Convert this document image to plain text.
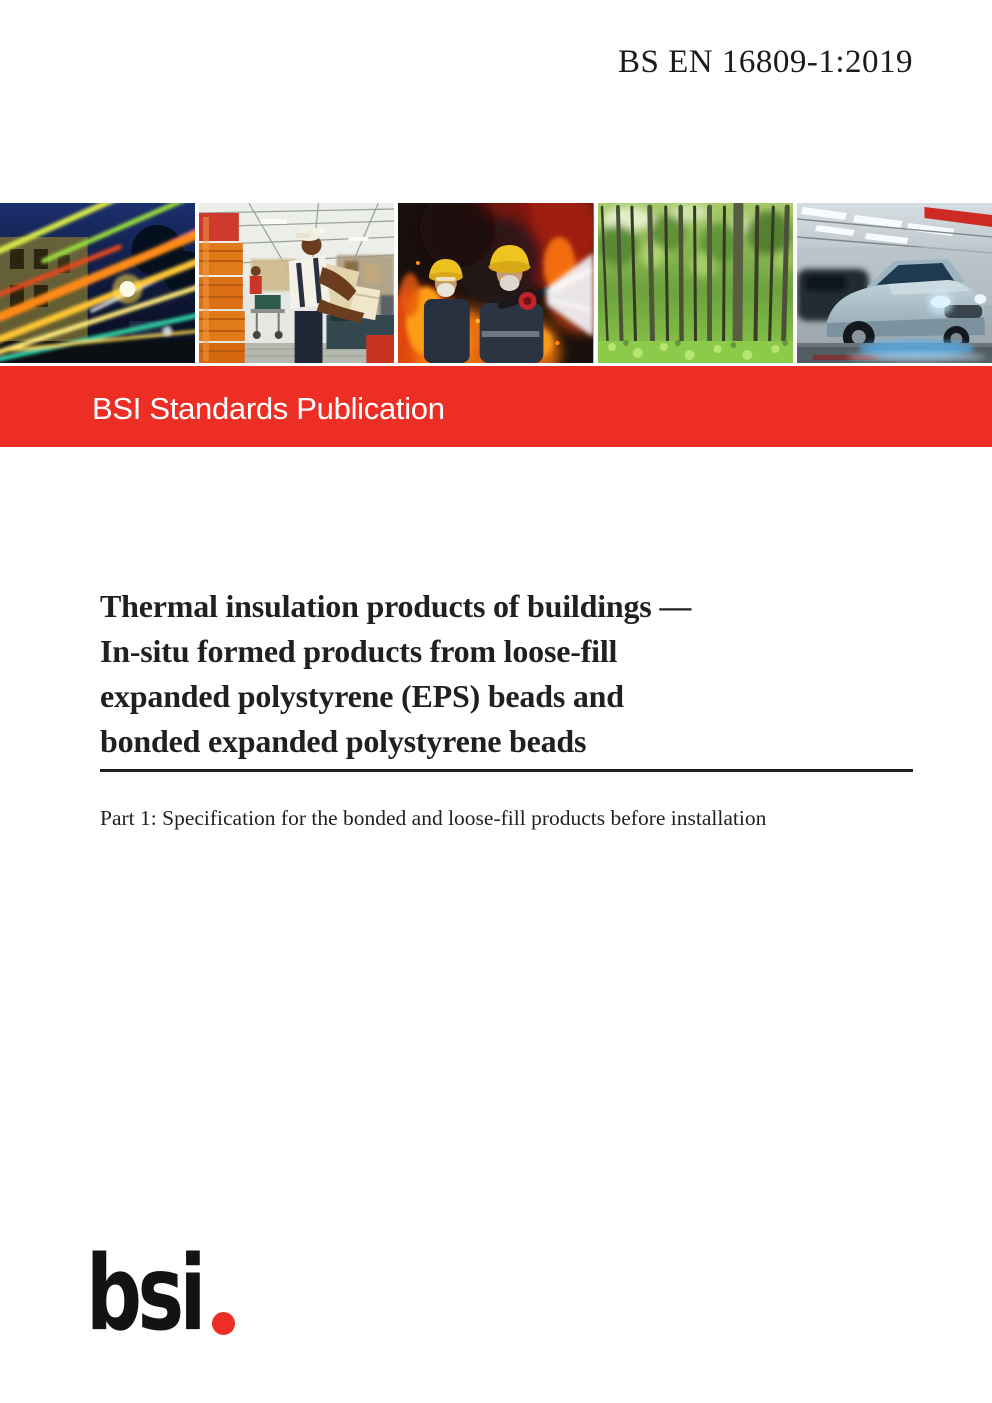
BS EN 16809-1:2019
BSI Standards Publication
Thermal insulation products of buildings —
In-situ formed products from loose-fill
expanded polystyrene (EPS) beads and
bonded expanded polystyrene beads

Part 1: Specification for the bonded and loose-fill products before installation

bsi
